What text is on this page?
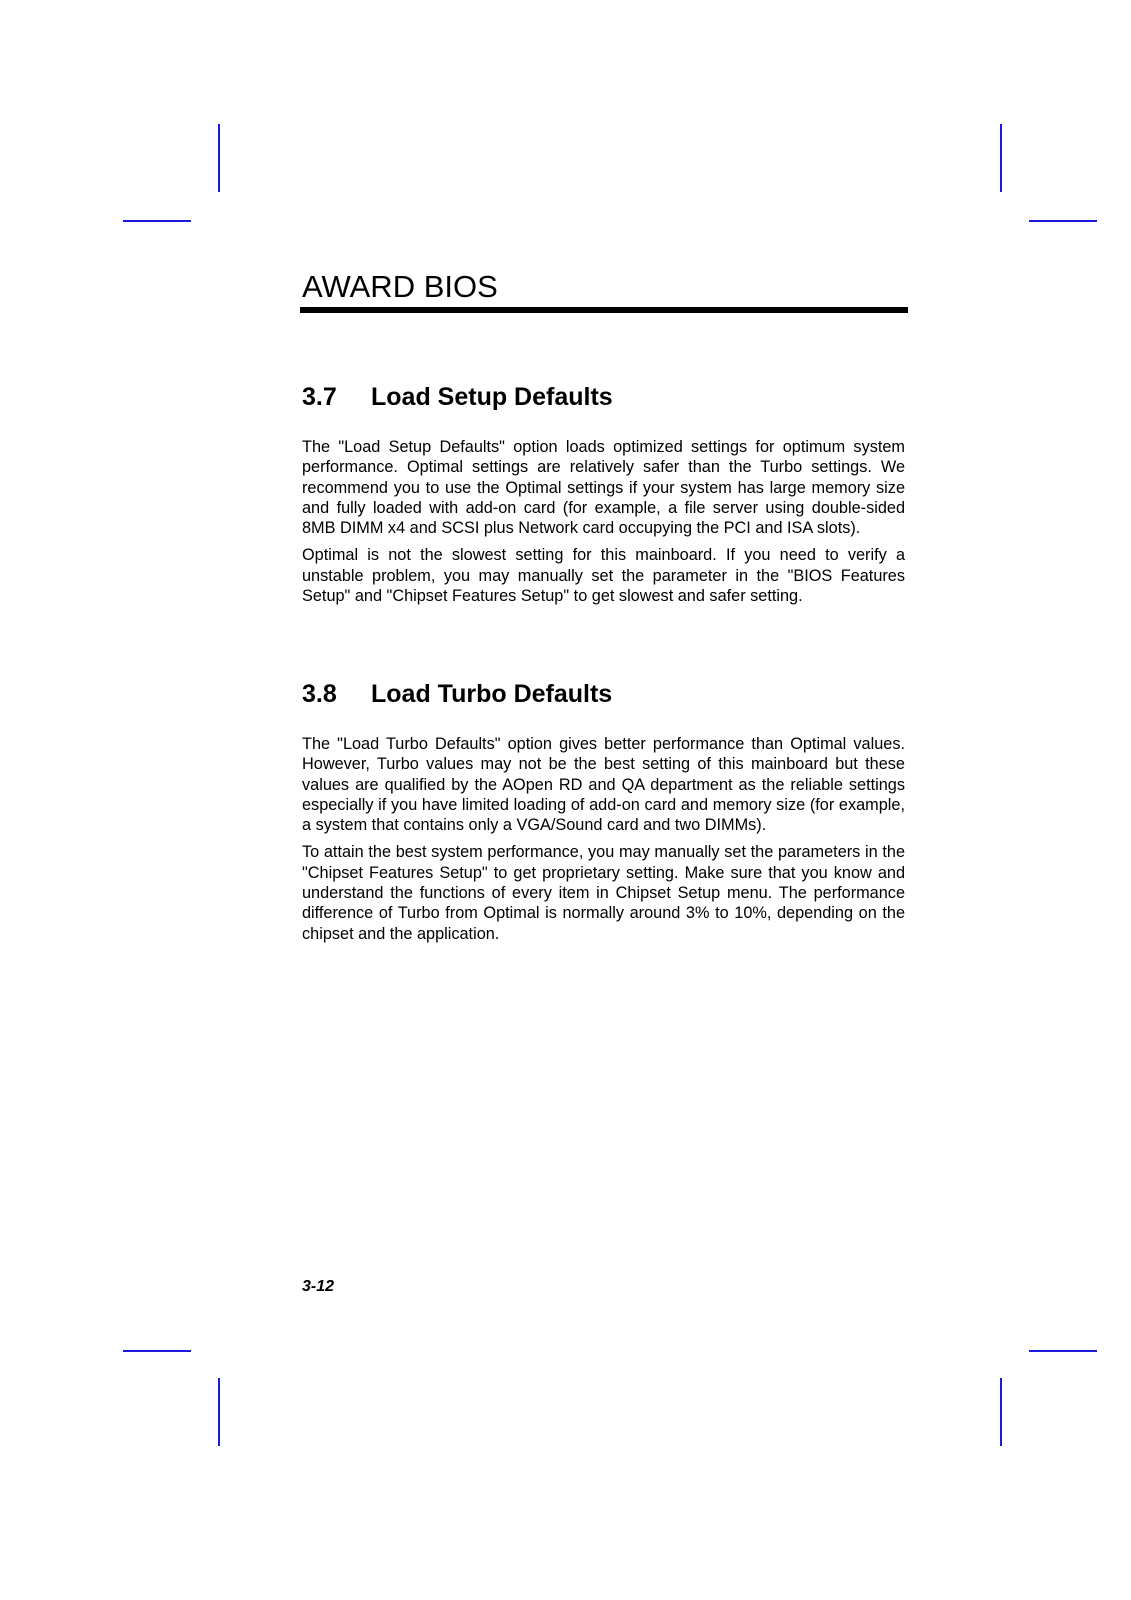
AWARD BIOS
3.7	Load Setup Defaults

The "Load Setup Defaults" option loads optimized settings for optimum system performance. Optimal settings are relatively safer than the Turbo settings. We recommend you to use the Optimal settings if your system has large memory size and fully loaded with add-on card (for example, a file server using double-sided 8MB DIMM x4 and SCSI plus Network card occupying the PCI and ISA slots).

Optimal is not the slowest setting for this mainboard. If you need to verify a unstable problem, you may manually set the parameter in the "BIOS Features Setup" and "Chipset Features Setup" to get slowest and safer setting.

3.8	Load Turbo Defaults

The "Load Turbo Defaults" option gives better performance than Optimal values. However, Turbo values may not be the best setting of this mainboard but these values are qualified by the AOpen RD and QA department as the reliable settings especially if you have limited loading of add-on card and memory size (for example, a system that contains only a VGA/Sound card and two DIMMs).

To attain the best system performance, you may manually set the parameters in the "Chipset Features Setup" to get proprietary setting. Make sure that you know and understand the functions of every item in Chipset Setup menu. The performance difference of Turbo from Optimal is normally around 3% to 10%, depending on the chipset and the application.

3-12
